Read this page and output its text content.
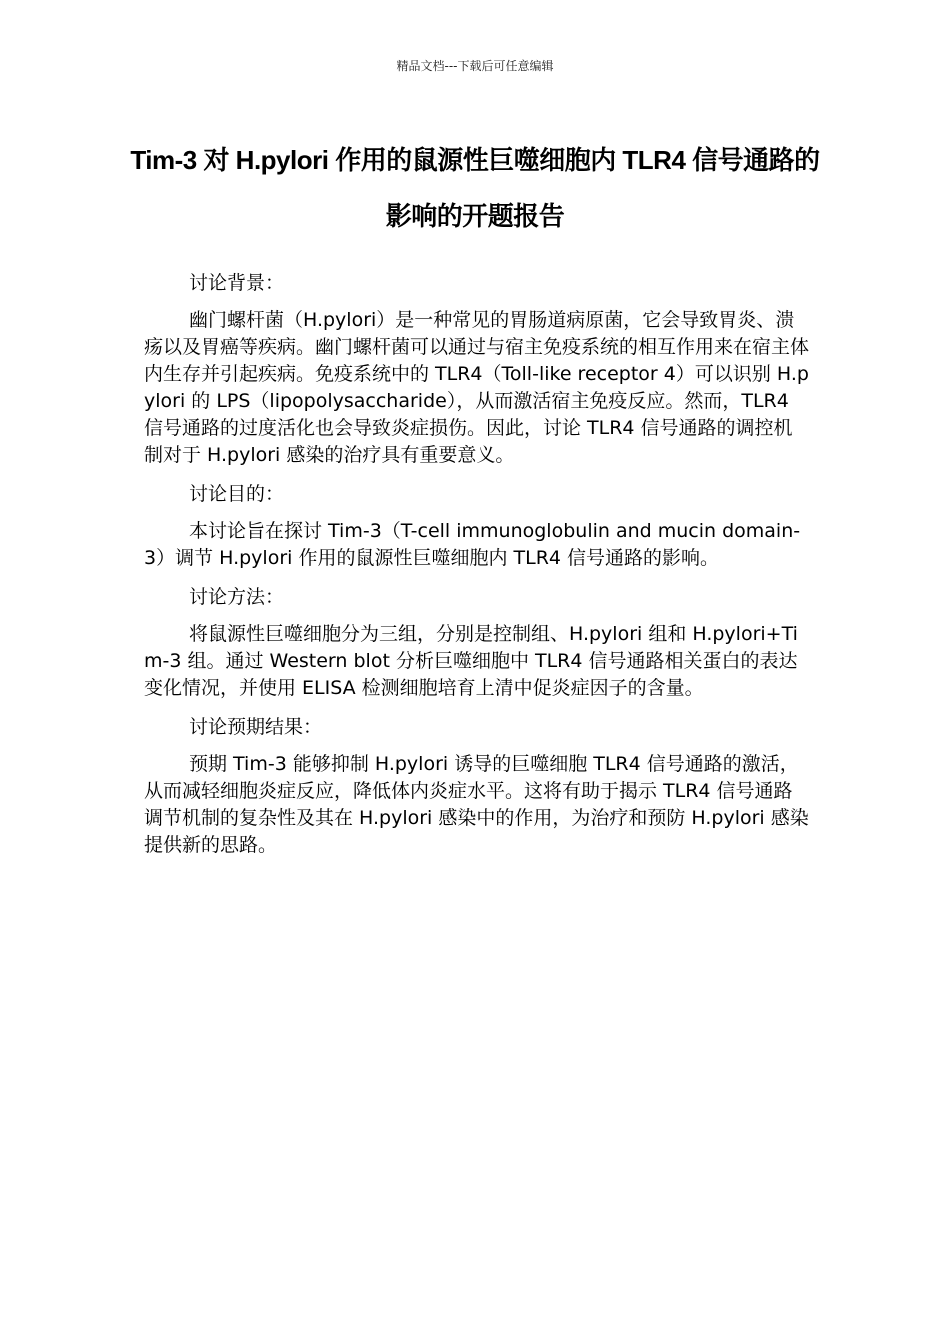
精品文档---下载后可任意编辑
Tim-3 对 H.pylori 作用的鼠源性巨噬细胞内 TLR4 信号通路的影响的开题报告

讨论背景：

幽门螺杆菌（H.pylori）是一种常见的胃肠道病原菌，它会导致胃炎、溃疡以及胃癌等疾病。幽门螺杆菌可以通过与宿主免疫系统的相互作用来在宿主体内生存并引起疾病。免疫系统中的 TLR4（Toll-like receptor 4）可以识别 H.pylori 的 LPS（lipopolysaccharide），从而激活宿主免疫反应。然而，TLR4 信号通路的过度活化也会导致炎症损伤。因此，讨论 TLR4 信号通路的调控机制对于 H.pylori 感染的治疗具有重要意义。

讨论目的：

本讨论旨在探讨 Tim-3（T-cell immunoglobulin and mucin domain-3）调节 H.pylori 作用的鼠源性巨噬细胞内 TLR4 信号通路的影响。

讨论方法：

将鼠源性巨噬细胞分为三组，分别是控制组、H.pylori 组和 H.pylori+Tim-3 组。通过 Western blot 分析巨噬细胞中 TLR4 信号通路相关蛋白的表达变化情况，并使用 ELISA 检测细胞培育上清中促炎症因子的含量。

讨论预期结果：

预期 Tim-3 能够抑制 H.pylori 诱导的巨噬细胞 TLR4 信号通路的激活，从而减轻细胞炎症反应，降低体内炎症水平。这将有助于揭示 TLR4 信号通路调节机制的复杂性及其在 H.pylori 感染中的作用，为治疗和预防 H.pylori 感染提供新的思路。
